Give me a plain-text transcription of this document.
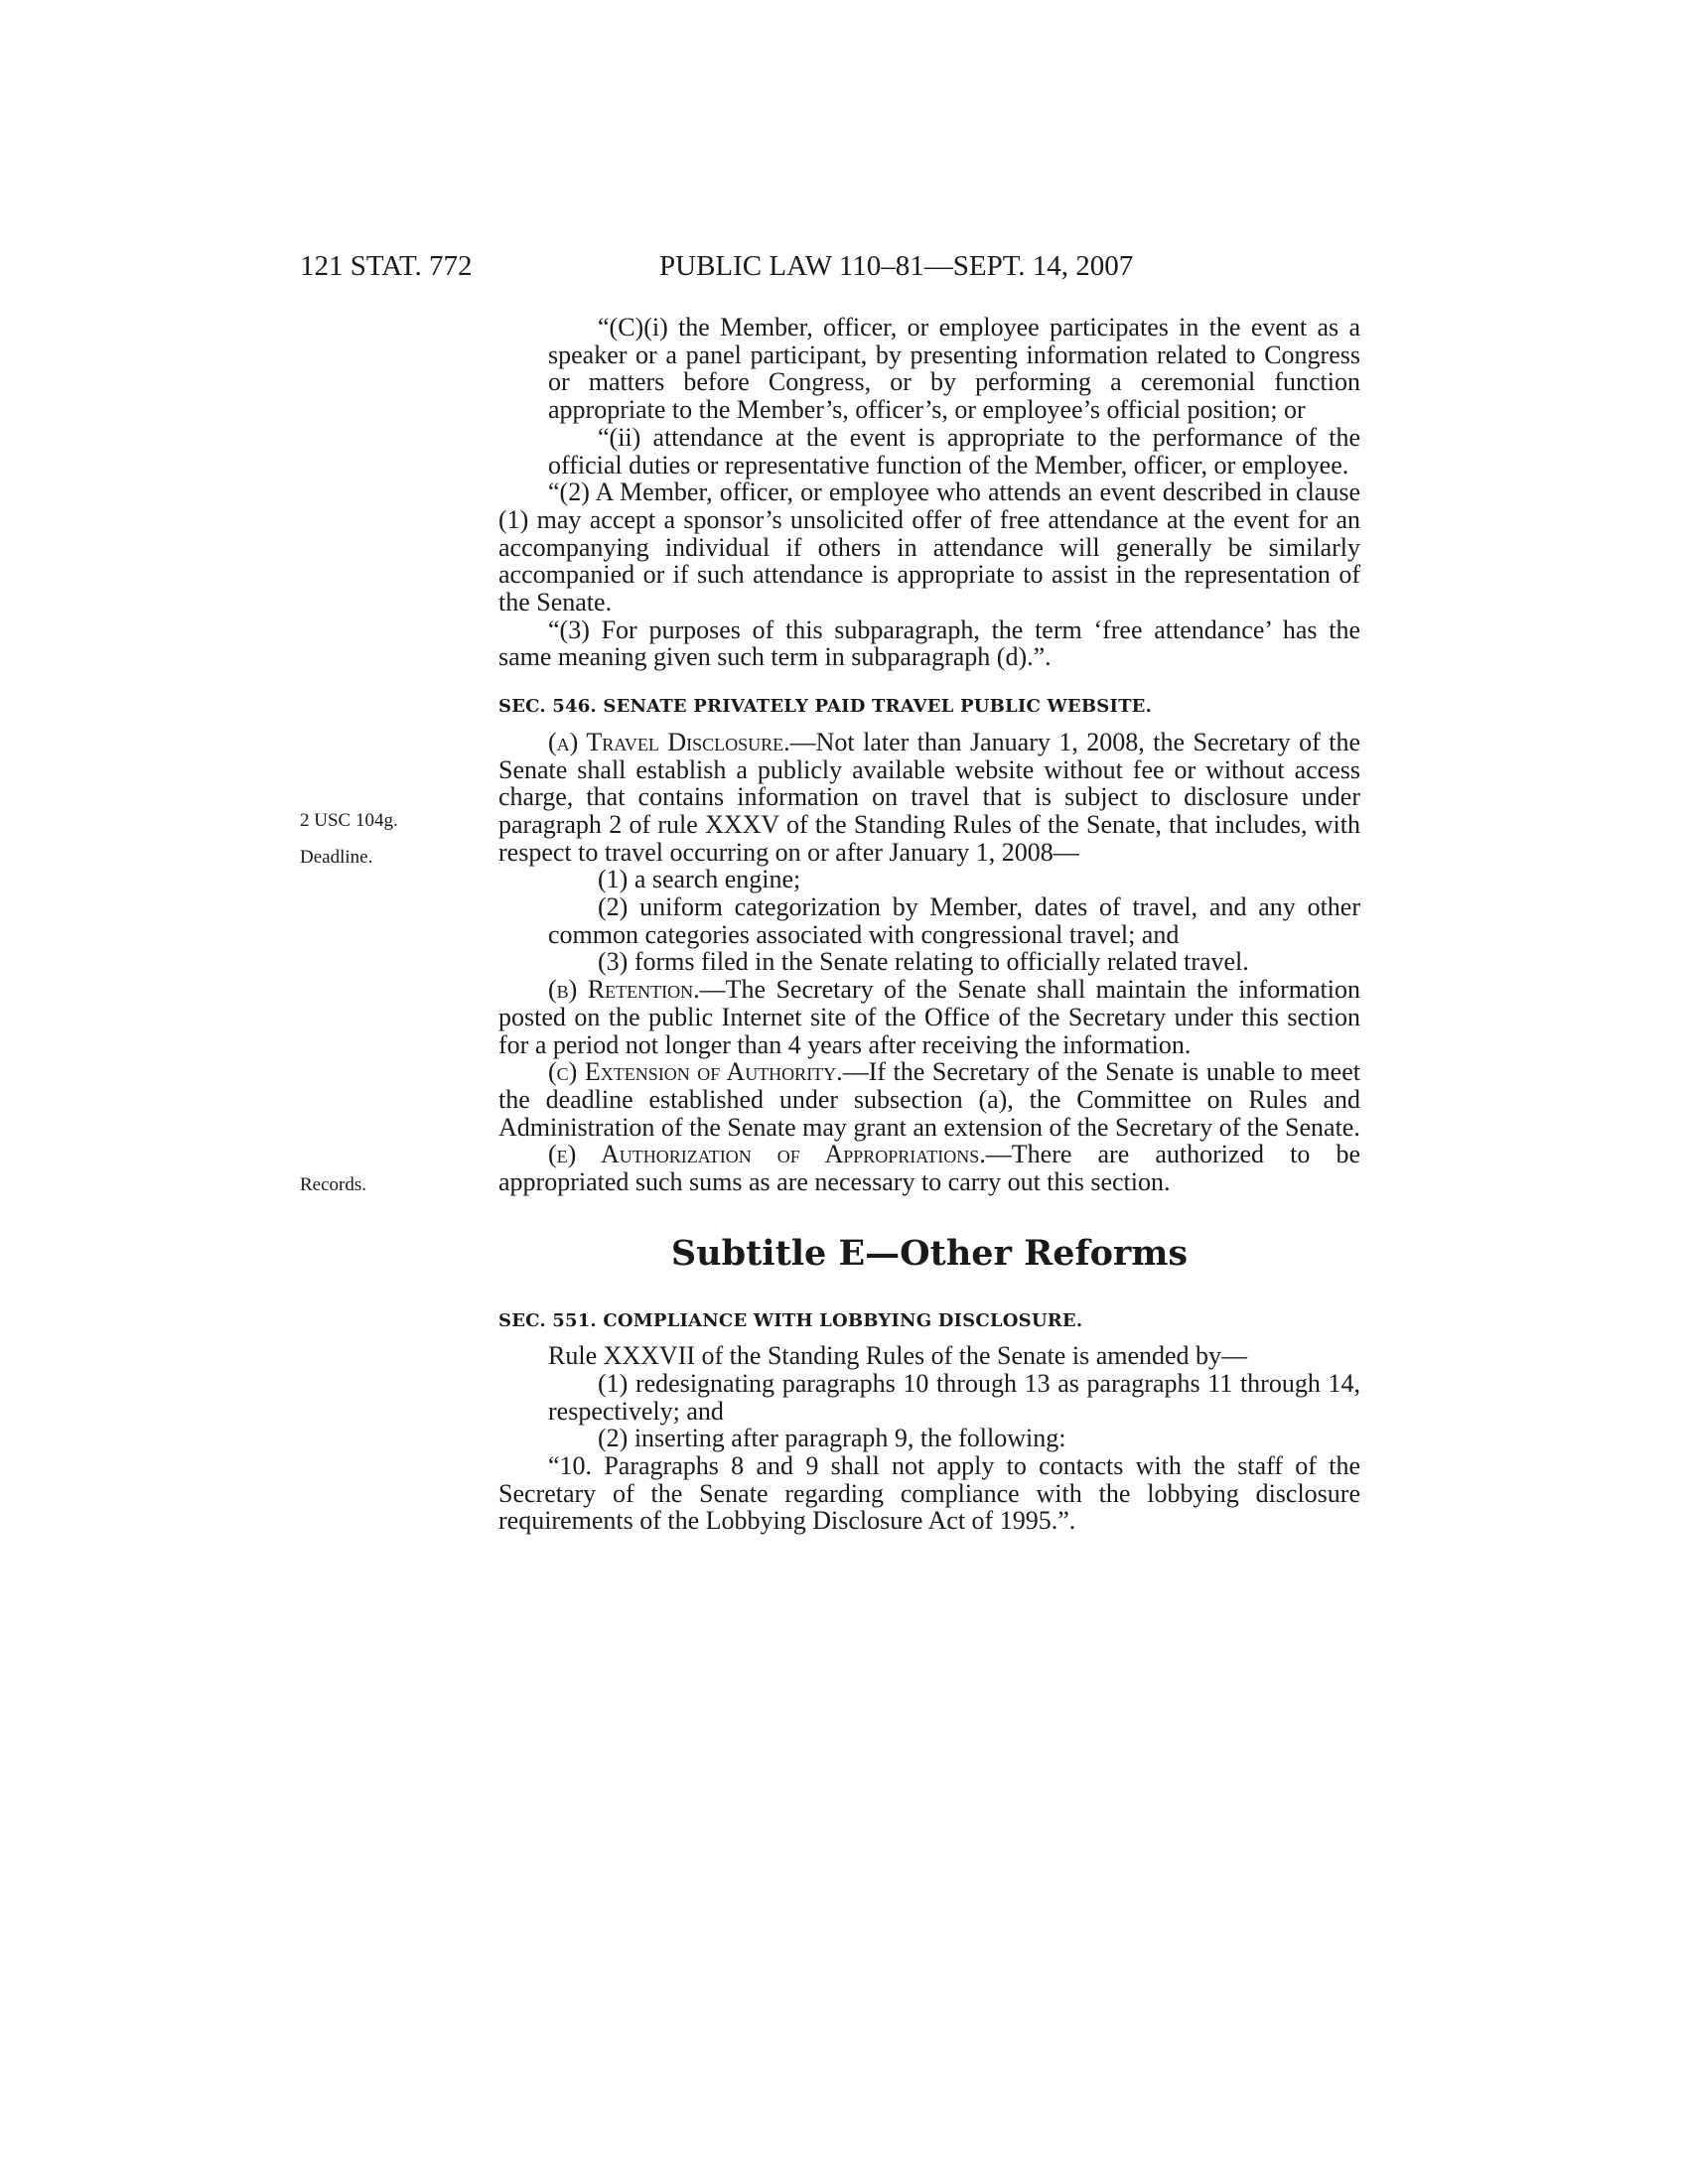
121 STAT. 772	PUBLIC LAW 110–81—SEPT. 14, 2007
2 USC 104g.
Deadline.
Records.

“(C)(i) the Member, officer, or employee participates in the event as a speaker or a panel participant, by presenting information related to Congress or matters before Congress, or by performing a ceremonial function appropriate to the Member’s, officer’s, or employee’s official position; or

“(ii) attendance at the event is appropriate to the performance of the official duties or representative function of the Member, officer, or employee.

“(2) A Member, officer, or employee who attends an event described in clause (1) may accept a sponsor’s unsolicited offer of free attendance at the event for an accompanying individual if others in attendance will generally be similarly accompanied or if such attendance is appropriate to assist in the representation of the Senate.

“(3) For purposes of this subparagraph, the term ‘free attendance’ has the same meaning given such term in subparagraph (d).”.

SEC. 546. SENATE PRIVATELY PAID TRAVEL PUBLIC WEBSITE.

(a) Travel Disclosure.—Not later than January 1, 2008, the Secretary of the Senate shall establish a publicly available website without fee or without access charge, that contains information on travel that is subject to disclosure under paragraph 2 of rule XXXV of the Standing Rules of the Senate, that includes, with respect to travel occurring on or after January 1, 2008—

(1) a search engine;

(2) uniform categorization by Member, dates of travel, and any other common categories associated with congressional travel; and

(3) forms filed in the Senate relating to officially related travel.

(b) Retention.—The Secretary of the Senate shall maintain the information posted on the public Internet site of the Office of the Secretary under this section for a period not longer than 4 years after receiving the information.

(c) Extension of Authority.—If the Secretary of the Senate is unable to meet the deadline established under subsection (a), the Committee on Rules and Administration of the Senate may grant an extension of the Secretary of the Senate.

(e) Authorization of Appropriations.—There are authorized to be appropriated such sums as are necessary to carry out this section.

Subtitle E—Other Reforms

SEC. 551. COMPLIANCE WITH LOBBYING DISCLOSURE.

Rule XXXVII of the Standing Rules of the Senate is amended by—

(1) redesignating paragraphs 10 through 13 as paragraphs 11 through 14, respectively; and

(2) inserting after paragraph 9, the following:

“10. Paragraphs 8 and 9 shall not apply to contacts with the staff of the Secretary of the Senate regarding compliance with the lobbying disclosure requirements of the Lobbying Disclosure Act of 1995.”.
